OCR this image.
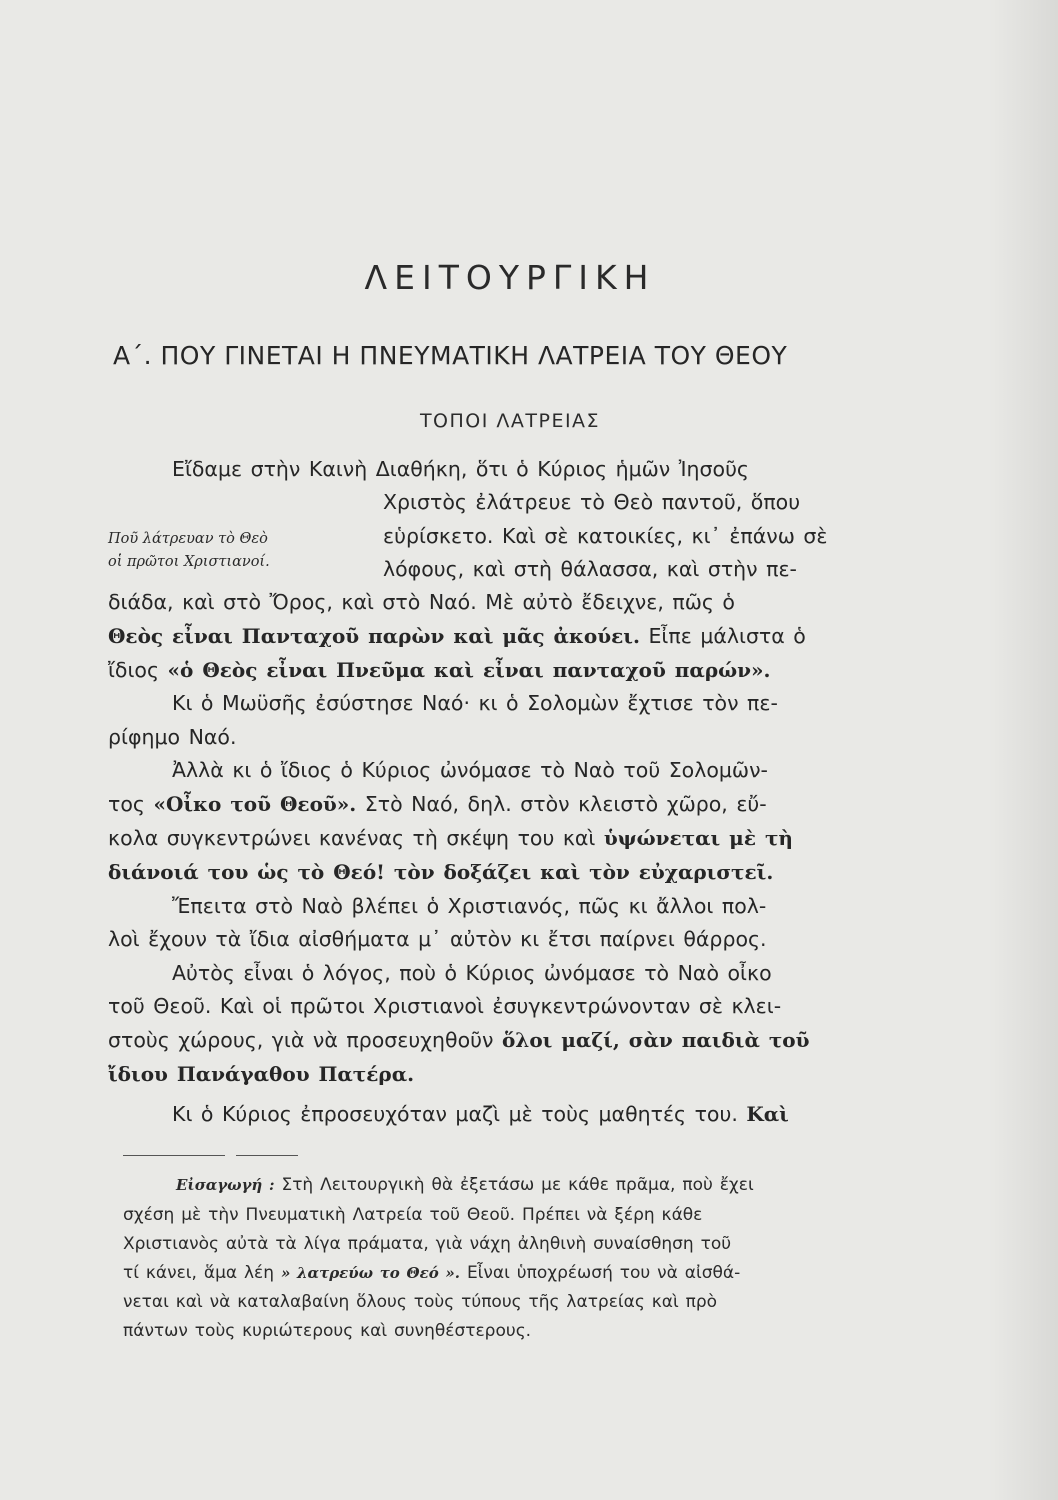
ΛΕΙΤΟΥΡΓΙΚΗ
Α΄. ΠΟΥ ΓΙΝΕΤΑΙ Η ΠΝΕΥΜΑΤΙΚΗ ΛΑΤΡΕΙΑ ΤΟΥ ΘΕΟΥ
ΤΟΠΟΙ ΛΑΤΡΕΙΑΣ
Ποῦ λάτρευαν τὸ Θεὸ
οἱ πρῶτοι Χριστιανοί.
Εἴδαμε στὴν Καινὴ Διαθήκη, ὅτι ὁ Κύριος ἡμῶν Ἰησοῦς
Χριστὸς ἐλάτρευε τὸ Θεὸ παντοῦ, ὅπου
εὑρίσκετο. Καὶ σὲ κατοικίες, κι᾿ ἐπάνω σὲ
λόφους, καὶ στὴ θάλασσα, καὶ στὴν πε-
διάδα, καὶ στὸ Ὄρος, καὶ στὸ Ναό. Μὲ αὐτὸ ἔδειχνε, πῶς ὁ
Θεὸς εἶναι Πανταχοῦ παρὼν καὶ μᾶς ἀκούει. Εἶπε μάλιστα ὁ
ἴδιος «ὁ Θεὸς εἶναι Πνεῦμα καὶ εἶναι πανταχοῦ παρών».
Κι ὁ Μωϋσῆς ἐσύστησε Ναό· κι ὁ Σολομὼν ἔχτισε τὸν πε-
ρίφημο Ναό.
Ἀλλὰ κι ὁ ἴδιος ὁ Κύριος ὠνόμασε τὸ Ναὸ τοῦ Σολομῶν-
τος «Οἶκο τοῦ Θεοῦ». Στὸ Ναό, δηλ. στὸν κλειστὸ χῶρο, εὔ-
κολα συγκεντρώνει κανένας τὴ σκέψη του καὶ ὑψώνεται μὲ τὴ
διάνοιά του ὡς τὸ Θεό! τὸν δοξάζει καὶ τὸν εὐχαριστεῖ.
Ἔπειτα στὸ Ναὸ βλέπει ὁ Χριστιανός, πῶς κι ἄλλοι πολ-
λοὶ ἔχουν τὰ ἴδια αἰσθήματα μ᾿ αὐτὸν κι ἔτσι παίρνει θάρρος.
Αὐτὸς εἶναι ὁ λόγος, ποὺ ὁ Κύριος ὠνόμασε τὸ Ναὸ οἶκο
τοῦ Θεοῦ. Καὶ οἱ πρῶτοι Χριστιανοὶ ἐσυγκεντρώνονταν σὲ κλει-
στοὺς χώρους, γιὰ νὰ προσευχηθοῦν ὅλοι μαζί, σὰν παιδιὰ τοῦ
ἴδιου Πανάγαθου Πατέρα.
Κι ὁ Κύριος ἐπροσευχόταν μαζὶ μὲ τοὺς μαθητές του. Καὶ
Εἰσαγωγή : Στὴ Λειτουργικὴ θὰ ἐξετάσω με κάθε πρᾶμα, ποὺ ἔχει
σχέση μὲ τὴν Πνευματικὴ Λατρεία τοῦ Θεοῦ. Πρέπει νὰ ξέρη κάθε
Χριστιανὸς αὐτὰ τὰ λίγα πράματα, γιὰ νάχη ἀληθινὴ συναίσθηση τοῦ
τί κάνει, ἅμα λέη » λατρεύω το Θεό ». Εἶναι ὑποχρέωσή του νὰ αἰσθά-
νεται καὶ νὰ καταλαβαίνη ὅλους τοὺς τύπους τῆς λατρείας καὶ πρὸ
πάντων τοὺς κυριώτερους καὶ συνηθέστερους.
